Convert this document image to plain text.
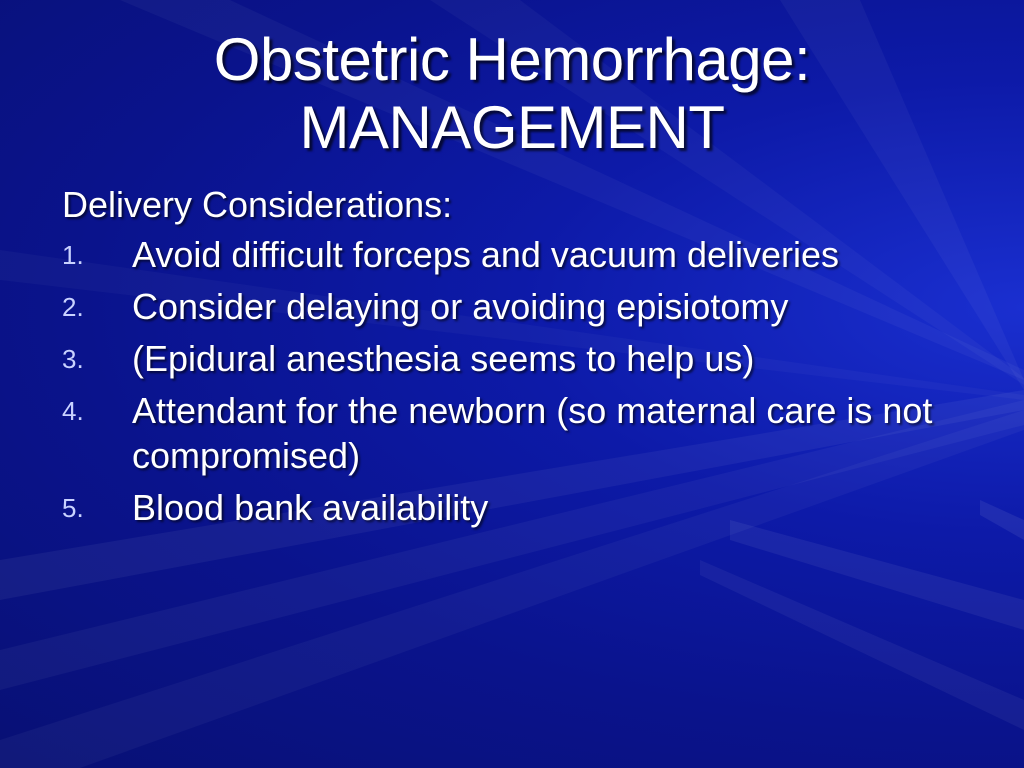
Obstetric Hemorrhage:
MANAGEMENT
Delivery Considerations:
1. Avoid difficult forceps and vacuum deliveries
2. Consider delaying or avoiding episiotomy
3. (Epidural anesthesia seems to help us)
4. Attendant for the newborn (so maternal care is not compromised)
5. Blood bank availability
